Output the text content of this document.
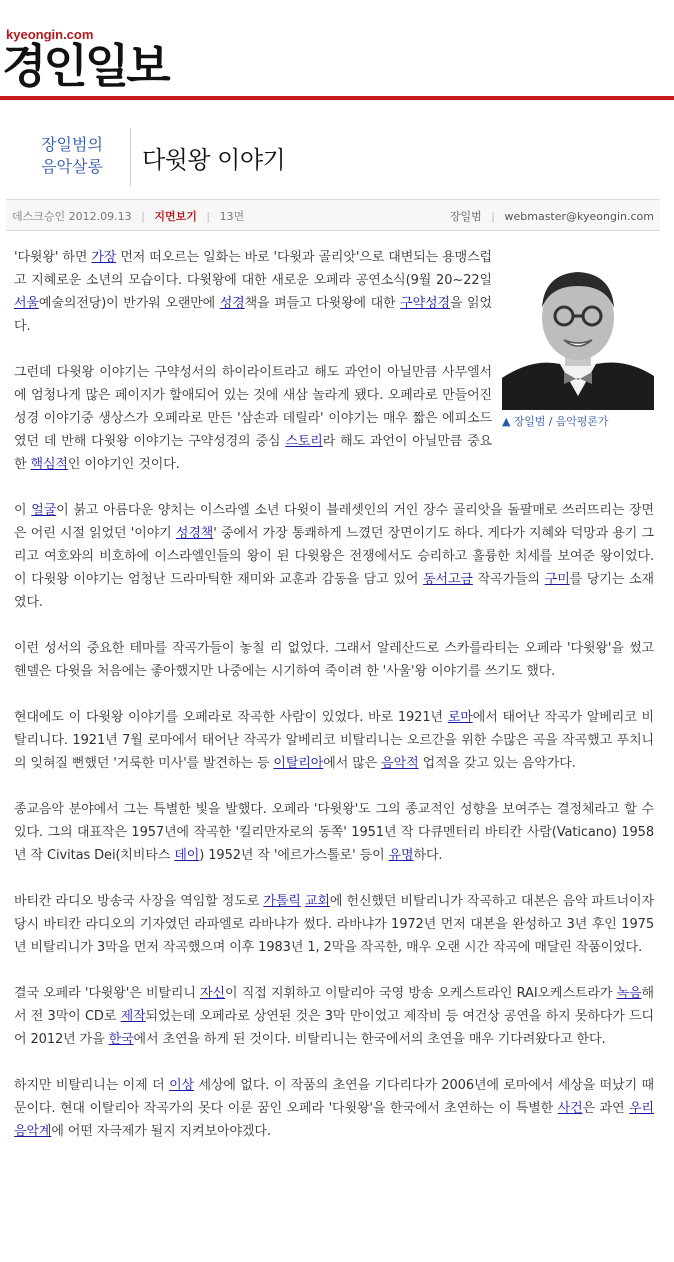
kyeongin.com
경인일보
장일범의
음악살롱	다윗왕 이야기
데스크승인 2012.09.13 | 지면보기 | 13면	장일범 | webmaster@kyeongin.com
▲ 장일범 / 음악평론가

'다윗왕' 하면 가장 먼저 떠오르는 일화는 바로 '다윗과 골리앗'으로 대변되는 용맹스럽고 지혜로운 소년의 모습이다. 다윗왕에 대한 새로운 오페라 공연소식(9월 20~22일 서울예술의전당)이 반가워 오랜만에 성경책을 펴들고 다윗왕에 대한 구약성경을 읽었다.

그런데 다윗왕 이야기는 구약성서의 하이라이트라고 해도 과언이 아닐만큼 사무엘서에 엄청나게 많은 페이지가 할애되어 있는 것에 새삼 놀라게 됐다. 오페라로 만들어진 성경 이야기중 생상스가 오페라로 만든 '삼손과 데릴라' 이야기는 매우 짧은 에피소드였던 데 반해 다윗왕 이야기는 구약성경의 중심 스토리라 해도 과언이 아닐만큼 중요한 핵심적인 이야기인 것이다.

이 얼굴이 붉고 아름다운 양치는 이스라엘 소년 다윗이 블레셋인의 거인 장수 골리앗을 돌팔매로 쓰러뜨리는 장면은 어린 시절 읽었던 '이야기 성경책' 중에서 가장 통쾌하게 느꼈던 장면이기도 하다. 게다가 지혜와 덕망과 용기 그리고 여호와의 비호하에 이스라엘인들의 왕이 된 다윗왕은 전쟁에서도 승리하고 훌륭한 치세를 보여준 왕이었다. 이 다윗왕 이야기는 엄청난 드라마틱한 재미와 교훈과 감동을 담고 있어 동서고금 작곡가들의 구미를 당기는 소재였다.

이런 성서의 중요한 테마를 작곡가들이 놓칠 리 없었다. 그래서 알레산드로 스카를라티는 오페라 '다윗왕'을 썼고 헨델은 다윗을 처음에는 좋아했지만 나중에는 시기하여 죽이려 한 '사울'왕 이야기를 쓰기도 했다.

현대에도 이 다윗왕 이야기를 오페라로 작곡한 사람이 있었다. 바로 1921년 로마에서 태어난 작곡가 알베리코 비탈리니다. 1921년 7월 로마에서 태어난 작곡가 알베리코 비탈리니는 오르간을 위한 수많은 곡을 작곡했고 푸치니의 잊혀질 뻔했던 '거룩한 미사'를 발견하는 등 이탈리아에서 많은 음악적 업적을 갖고 있는 음악가다.

종교음악 분야에서 그는 특별한 빛을 발했다. 오페라 '다윗왕'도 그의 종교적인 성향을 보여주는 결정체라고 할 수 있다. 그의 대표작은 1957년에 작곡한 '킬리만자로의 동쪽' 1951년 작 다큐멘터리 바티칸 사람(Vaticano) 1958년 작 Civitas Dei(치비타스 데이) 1952년 작 '에르가스톨로' 등이 유명하다.

바티칸 라디오 방송국 사장을 역임할 정도로 가톨릭 교회에 헌신했던 비탈리니가 작곡하고 대본은 음악 파트너이자 당시 바티칸 라디오의 기자였던 라파엘로 라바냐가 썼다. 라바냐가 1972년 먼저 대본을 완성하고 3년 후인 1975년 비탈리니가 3막을 먼저 작곡했으며 이후 1983년 1, 2막을 작곡한, 매우 오랜 시간 작곡에 매달린 작품이었다.

결국 오페라 '다윗왕'은 비탈리니 자신이 직접 지휘하고 이탈리아 국영 방송 오케스트라인 RAI오케스트라가 녹음해서 전 3막이 CD로 제작되었는데 오페라로 상연된 것은 3막 만이었고 제작비 등 여건상 공연을 하지 못하다가 드디어 2012년 가을 한국에서 초연을 하게 된 것이다. 비탈리니는 한국에서의 초연을 매우 기다려왔다고 한다.

하지만 비탈리니는 이제 더 이상 세상에 없다. 이 작품의 초연을 기다리다가 2006년에 로마에서 세상을 떠났기 때문이다. 현대 이탈리아 작곡가의 못다 이룬 꿈인 오페라 '다윗왕'을 한국에서 초연하는 이 특별한 사건은 과연 우리 음악계에 어떤 자극제가 될지 지켜보아야겠다.
